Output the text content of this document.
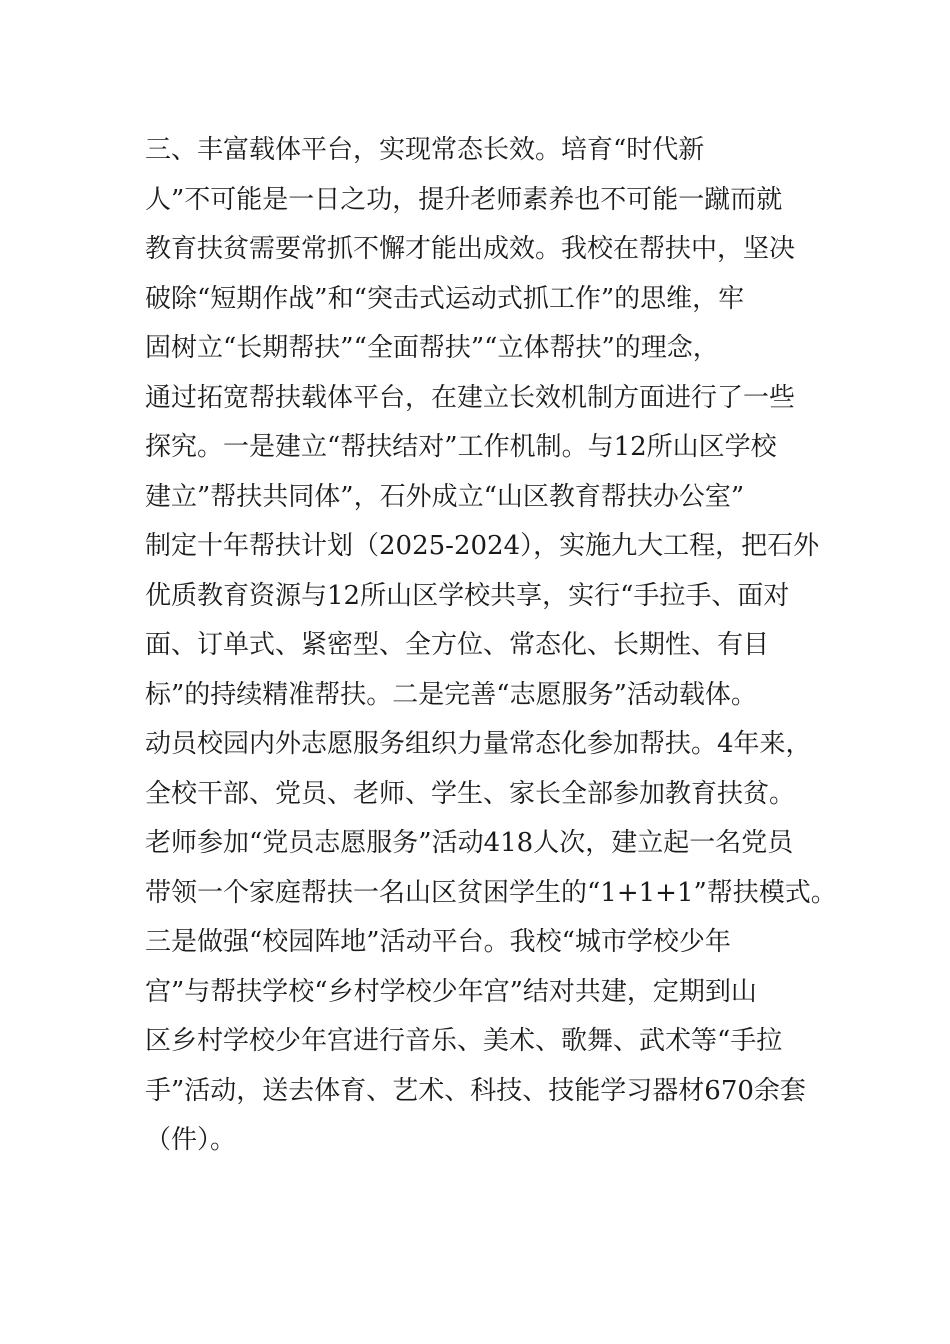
三、丰富载体平台，实现常态长效。培育“时代新
人”不可能是一日之功，提升老师素养也不可能一蹴而就
教育扶贫需要常抓不懈才能出成效。我校在帮扶中，坚决
破除“短期作战”和“突击式运动式抓工作”的思维，牢
固树立“长期帮扶”“全面帮扶”“立体帮扶”的理念，
通过拓宽帮扶载体平台，在建立长效机制方面进行了一些
探究。一是建立“帮扶结对”工作机制。与12所山区学校
建立”帮扶共同体”，石外成立“山区教育帮扶办公室”
制定十年帮扶计划（2025-2024），实施九大工程，把石外
优质教育资源与12所山区学校共享，实行“手拉手、面对
面、订单式、紧密型、全方位、常态化、长期性、有目
标”的持续精准帮扶。二是完善“志愿服务”活动载体。
动员校园内外志愿服务组织力量常态化参加帮扶。4年来，
全校干部、党员、老师、学生、家长全部参加教育扶贫。
老师参加“党员志愿服务”活动418人次，建立起一名党员
带领一个家庭帮扶一名山区贫困学生的“1+1+1”帮扶模式。
三是做强“校园阵地”活动平台。我校“城市学校少年
宫”与帮扶学校“乡村学校少年宫”结对共建，定期到山
区乡村学校少年宫进行音乐、美术、歌舞、武术等“手拉
手”活动，送去体育、艺术、科技、技能学习器材670余套
（件）。
